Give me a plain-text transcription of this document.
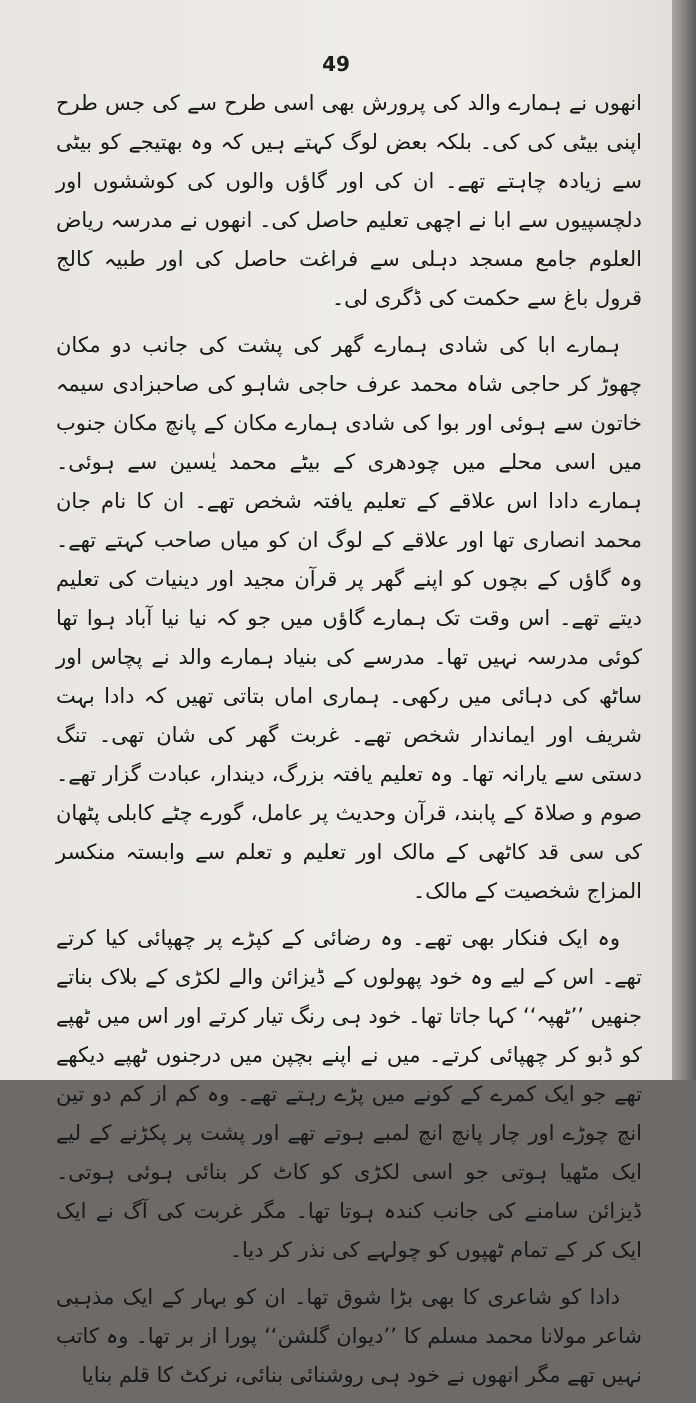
49

انھوں نے ہمارے والد کی پرورش بھی اسی طرح سے کی جس طرح اپنی بیٹی کی کی۔ بلکہ بعض لوگ کہتے ہیں کہ وہ بھتیجے کو بیٹی سے زیادہ چاہتے تھے۔ ان کی اور گاؤں والوں کی کوششوں اور دلچسپیوں سے ابا نے اچھی تعلیم حاصل کی۔ انھوں نے مدرسہ ریاض العلوم جامع مسجد دہلی سے فراغت حاصل کی اور طبیہ کالج قرول باغ سے حکمت کی ڈگری لی۔

ہمارے ابا کی شادی ہمارے گھر کی پشت کی جانب دو مکان چھوڑ کر حاجی شاہ محمد عرف حاجی شاہو کی صاحبزادی سیمہ خاتون سے ہوئی اور بوا کی شادی ہمارے مکان کے پانچ مکان جنوب میں اسی محلے میں چودھری کے بیٹے محمد یٰسین سے ہوئی۔ ہمارے دادا اس علاقے کے تعلیم یافتہ شخص تھے۔ ان کا نام جان محمد انصاری تھا اور علاقے کے لوگ ان کو میاں صاحب کہتے تھے۔ وہ گاؤں کے بچوں کو اپنے گھر پر قرآن مجید اور دینیات کی تعلیم دیتے تھے۔ اس وقت تک ہمارے گاؤں میں جو کہ نیا نیا آباد ہوا تھا کوئی مدرسہ نہیں تھا۔ مدرسے کی بنیاد ہمارے والد نے پچاس اور ساٹھ کی دہائی میں رکھی۔ ہماری اماں بتاتی تھیں کہ دادا بہت شریف اور ایماندار شخص تھے۔ غربت گھر کی شان تھی۔ تنگ دستی سے یارانہ تھا۔ وہ تعلیم یافتہ بزرگ، دیندار، عبادت گزار تھے۔ صوم و صلاۃ کے پابند، قرآن وحدیث پر عامل، گورے چٹے کابلی پٹھان کی سی قد کاٹھی کے مالک اور تعلیم و تعلم سے وابستہ منکسر المزاج شخصیت کے مالک۔

وہ ایک فنکار بھی تھے۔ وہ رضائی کے کپڑے پر چھپائی کیا کرتے تھے۔ اس کے لیے وہ خود پھولوں کے ڈیزائن والے لکڑی کے بلاک بناتے جنھیں ’’ٹھپہ‘‘ کہا جاتا تھا۔ خود ہی رنگ تیار کرتے اور اس میں ٹھپے کو ڈبو کر چھپائی کرتے۔ میں نے اپنے بچپن میں درجنوں ٹھپے دیکھے تھے جو ایک کمرے کے کونے میں پڑے رہتے تھے۔ وہ کم از کم دو تین انچ چوڑے اور چار پانچ انچ لمبے ہوتے تھے اور پشت پر پکڑنے کے لیے ایک مٹھیا ہوتی جو اسی لکڑی کو کاٹ کر بنائی ہوئی ہوتی۔ ڈیزائن سامنے کی جانب کندہ ہوتا تھا۔ مگر غربت کی آگ نے ایک ایک کر کے تمام ٹھپوں کو چولہے کی نذر کر دیا۔

دادا کو شاعری کا بھی بڑا شوق تھا۔ ان کو بہار کے ایک مذہبی شاعر مولانا محمد مسلم کا ’’دیوان گلشن‘‘ پورا از بر تھا۔ وہ کاتب نہیں تھے مگر انھوں نے خود ہی روشنائی بنائی، نرکٹ کا قلم بنایا
